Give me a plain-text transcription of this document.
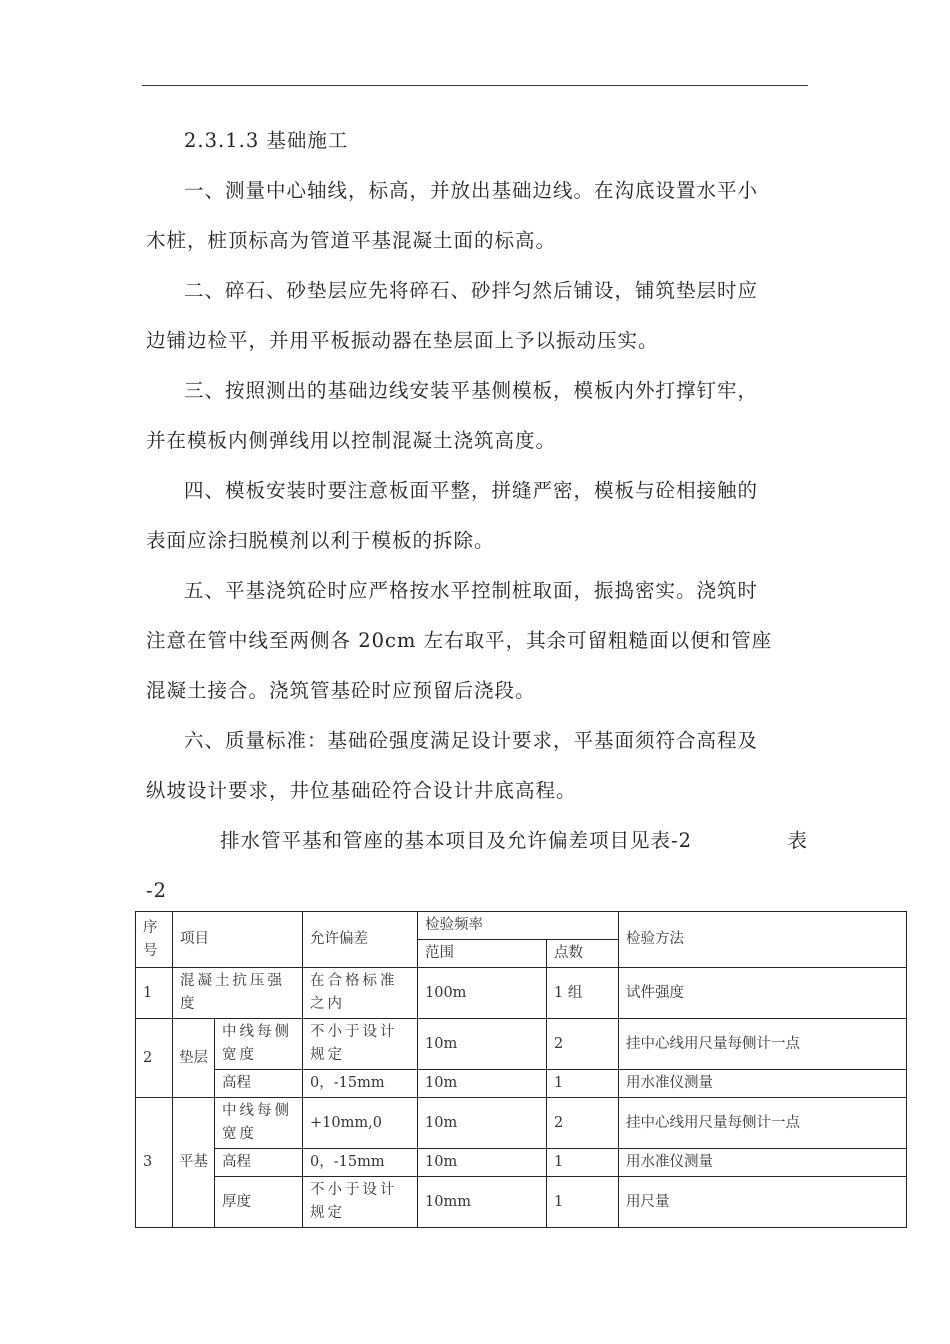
2.3.1.3 基础施工
一、测量中心轴线，标高，并放出基础边线。在沟底设置水平小
木桩，桩顶标高为管道平基混凝土面的标高。
二、碎石、砂垫层应先将碎石、砂拌匀然后铺设，铺筑垫层时应
边铺边检平，并用平板振动器在垫层面上予以振动压实。
三、按照测出的基础边线安装平基侧模板，模板内外打撑钉牢，
并在模板内侧弹线用以控制混凝土浇筑高度。
四、模板安装时要注意板面平整，拼缝严密，模板与砼相接触的
表面应涂扫脱模剂以利于模板的拆除。
五、平基浇筑砼时应严格按水平控制桩取面，振捣密实。浇筑时
注意在管中线至两侧各 20cm 左右取平，其余可留粗糙面以便和管座
混凝土接合。浇筑管基砼时应预留后浇段。
六、质量标准：基础砼强度满足设计要求，平基面须符合高程及
纵坡设计要求，井位基础砼符合设计井底高程。
排水管平基和管座的基本项目及允许偏差项目见表-2	表
-2
序号	项目		允许偏差	检验频率		检验方法
				范围	点数	
1	混凝土抗压强度		在合格标准之内	100m	1 组	试件强度
2	垫层	中线每侧宽度	不小于设计规定	10m	2	挂中心线用尺量每侧计一点
		高程	0，-15mm	10m	1	用水准仪测量
3	平基	中线每侧宽度	+10mm,0	10m	2	挂中心线用尺量每侧计一点
		高程	0，-15mm	10m	1	用水准仪测量
		厚度	不小于设计规定	10mm	1	用尺量
